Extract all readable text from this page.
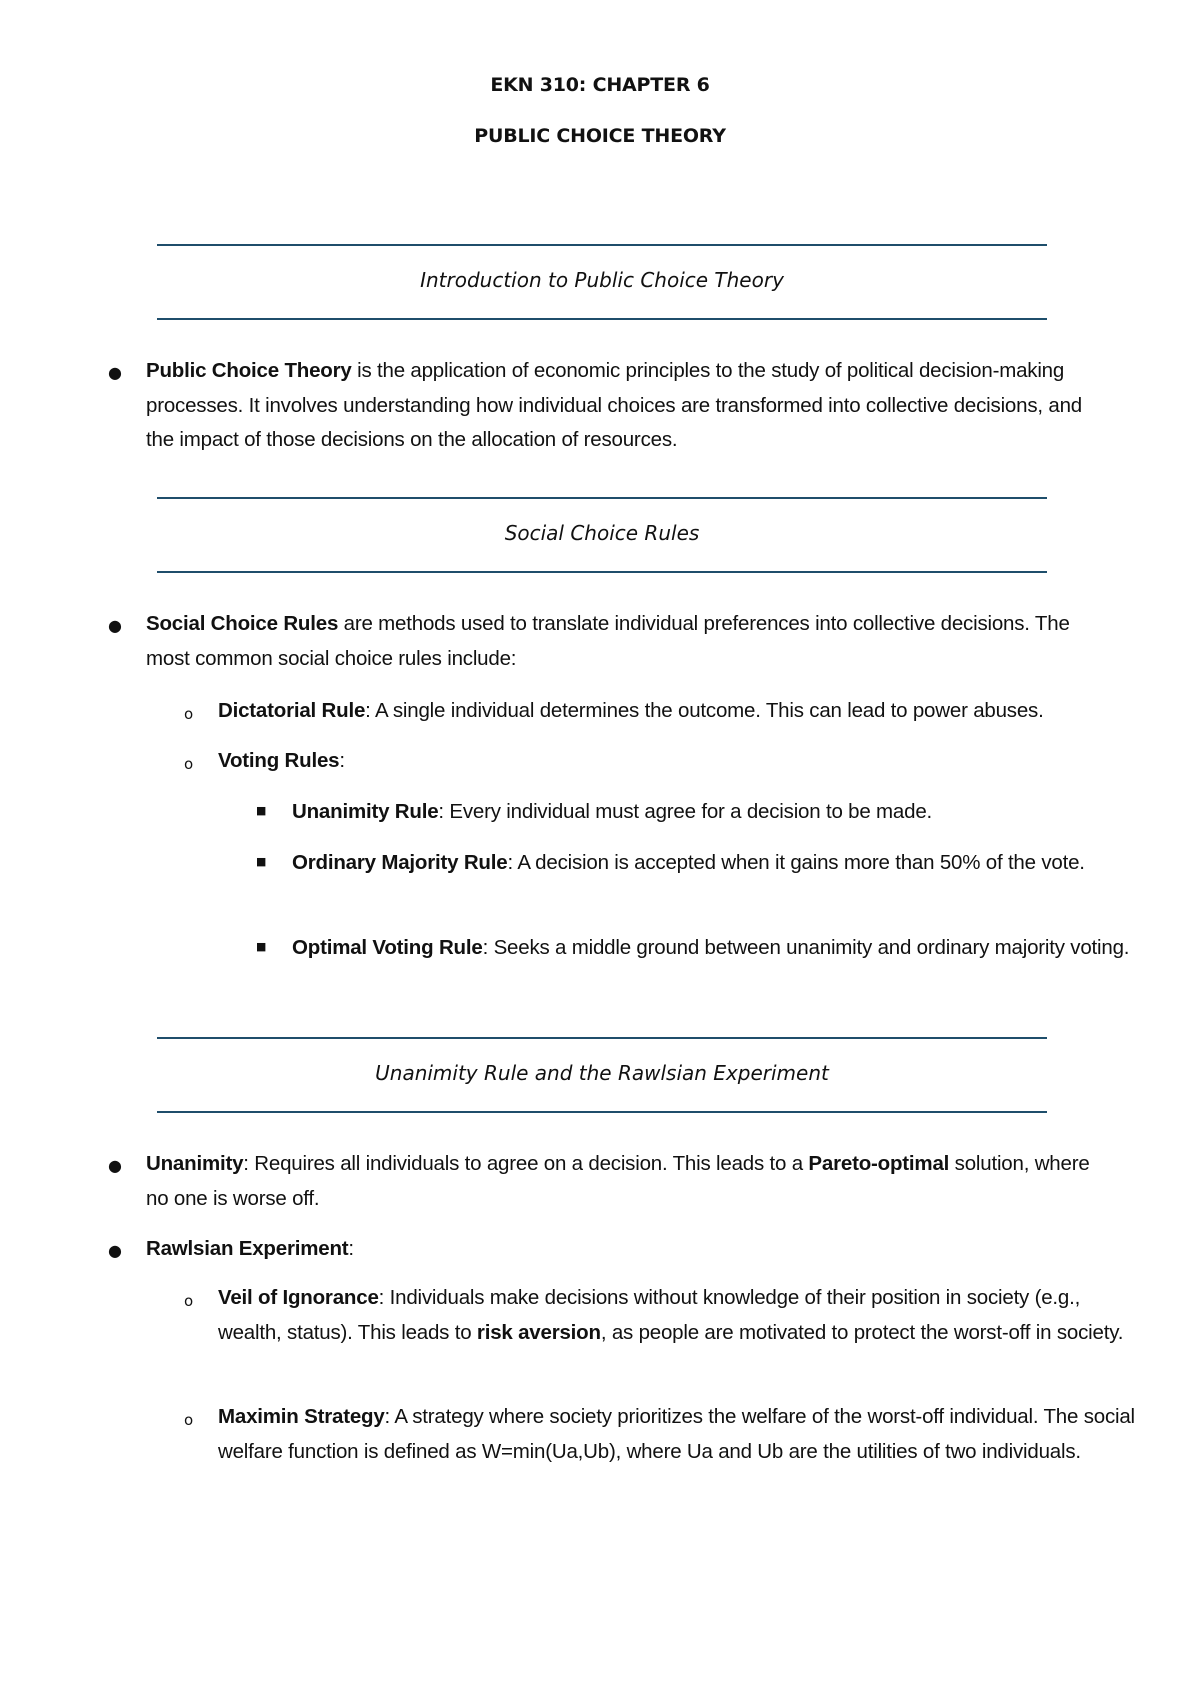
EKN 310: CHAPTER 6
PUBLIC CHOICE THEORY
Introduction to Public Choice Theory
● Public Choice Theory is the application of economic principles to the study of political decision-making processes. It involves understanding how individual choices are transformed into collective decisions, and the impact of those decisions on the allocation of resources.
Social Choice Rules
● Social Choice Rules are methods used to translate individual preferences into collective decisions. The most common social choice rules include:
o Dictatorial Rule: A single individual determines the outcome. This can lead to power abuses.
o Voting Rules:
■ Unanimity Rule: Every individual must agree for a decision to be made.
■ Ordinary Majority Rule: A decision is accepted when it gains more than 50% of the vote.
■ Optimal Voting Rule: Seeks a middle ground between unanimity and ordinary majority voting.
Unanimity Rule and the Rawlsian Experiment
● Unanimity: Requires all individuals to agree on a decision. This leads to a Pareto-optimal solution, where no one is worse off.
● Rawlsian Experiment:
o Veil of Ignorance: Individuals make decisions without knowledge of their position in society (e.g., wealth, status). This leads to risk aversion, as people are motivated to protect the worst-off in society.
o Maximin Strategy: A strategy where society prioritizes the welfare of the worst-off individual. The social welfare function is defined as W=min(Ua,Ub), where Ua and Ub are the utilities of two individuals.
